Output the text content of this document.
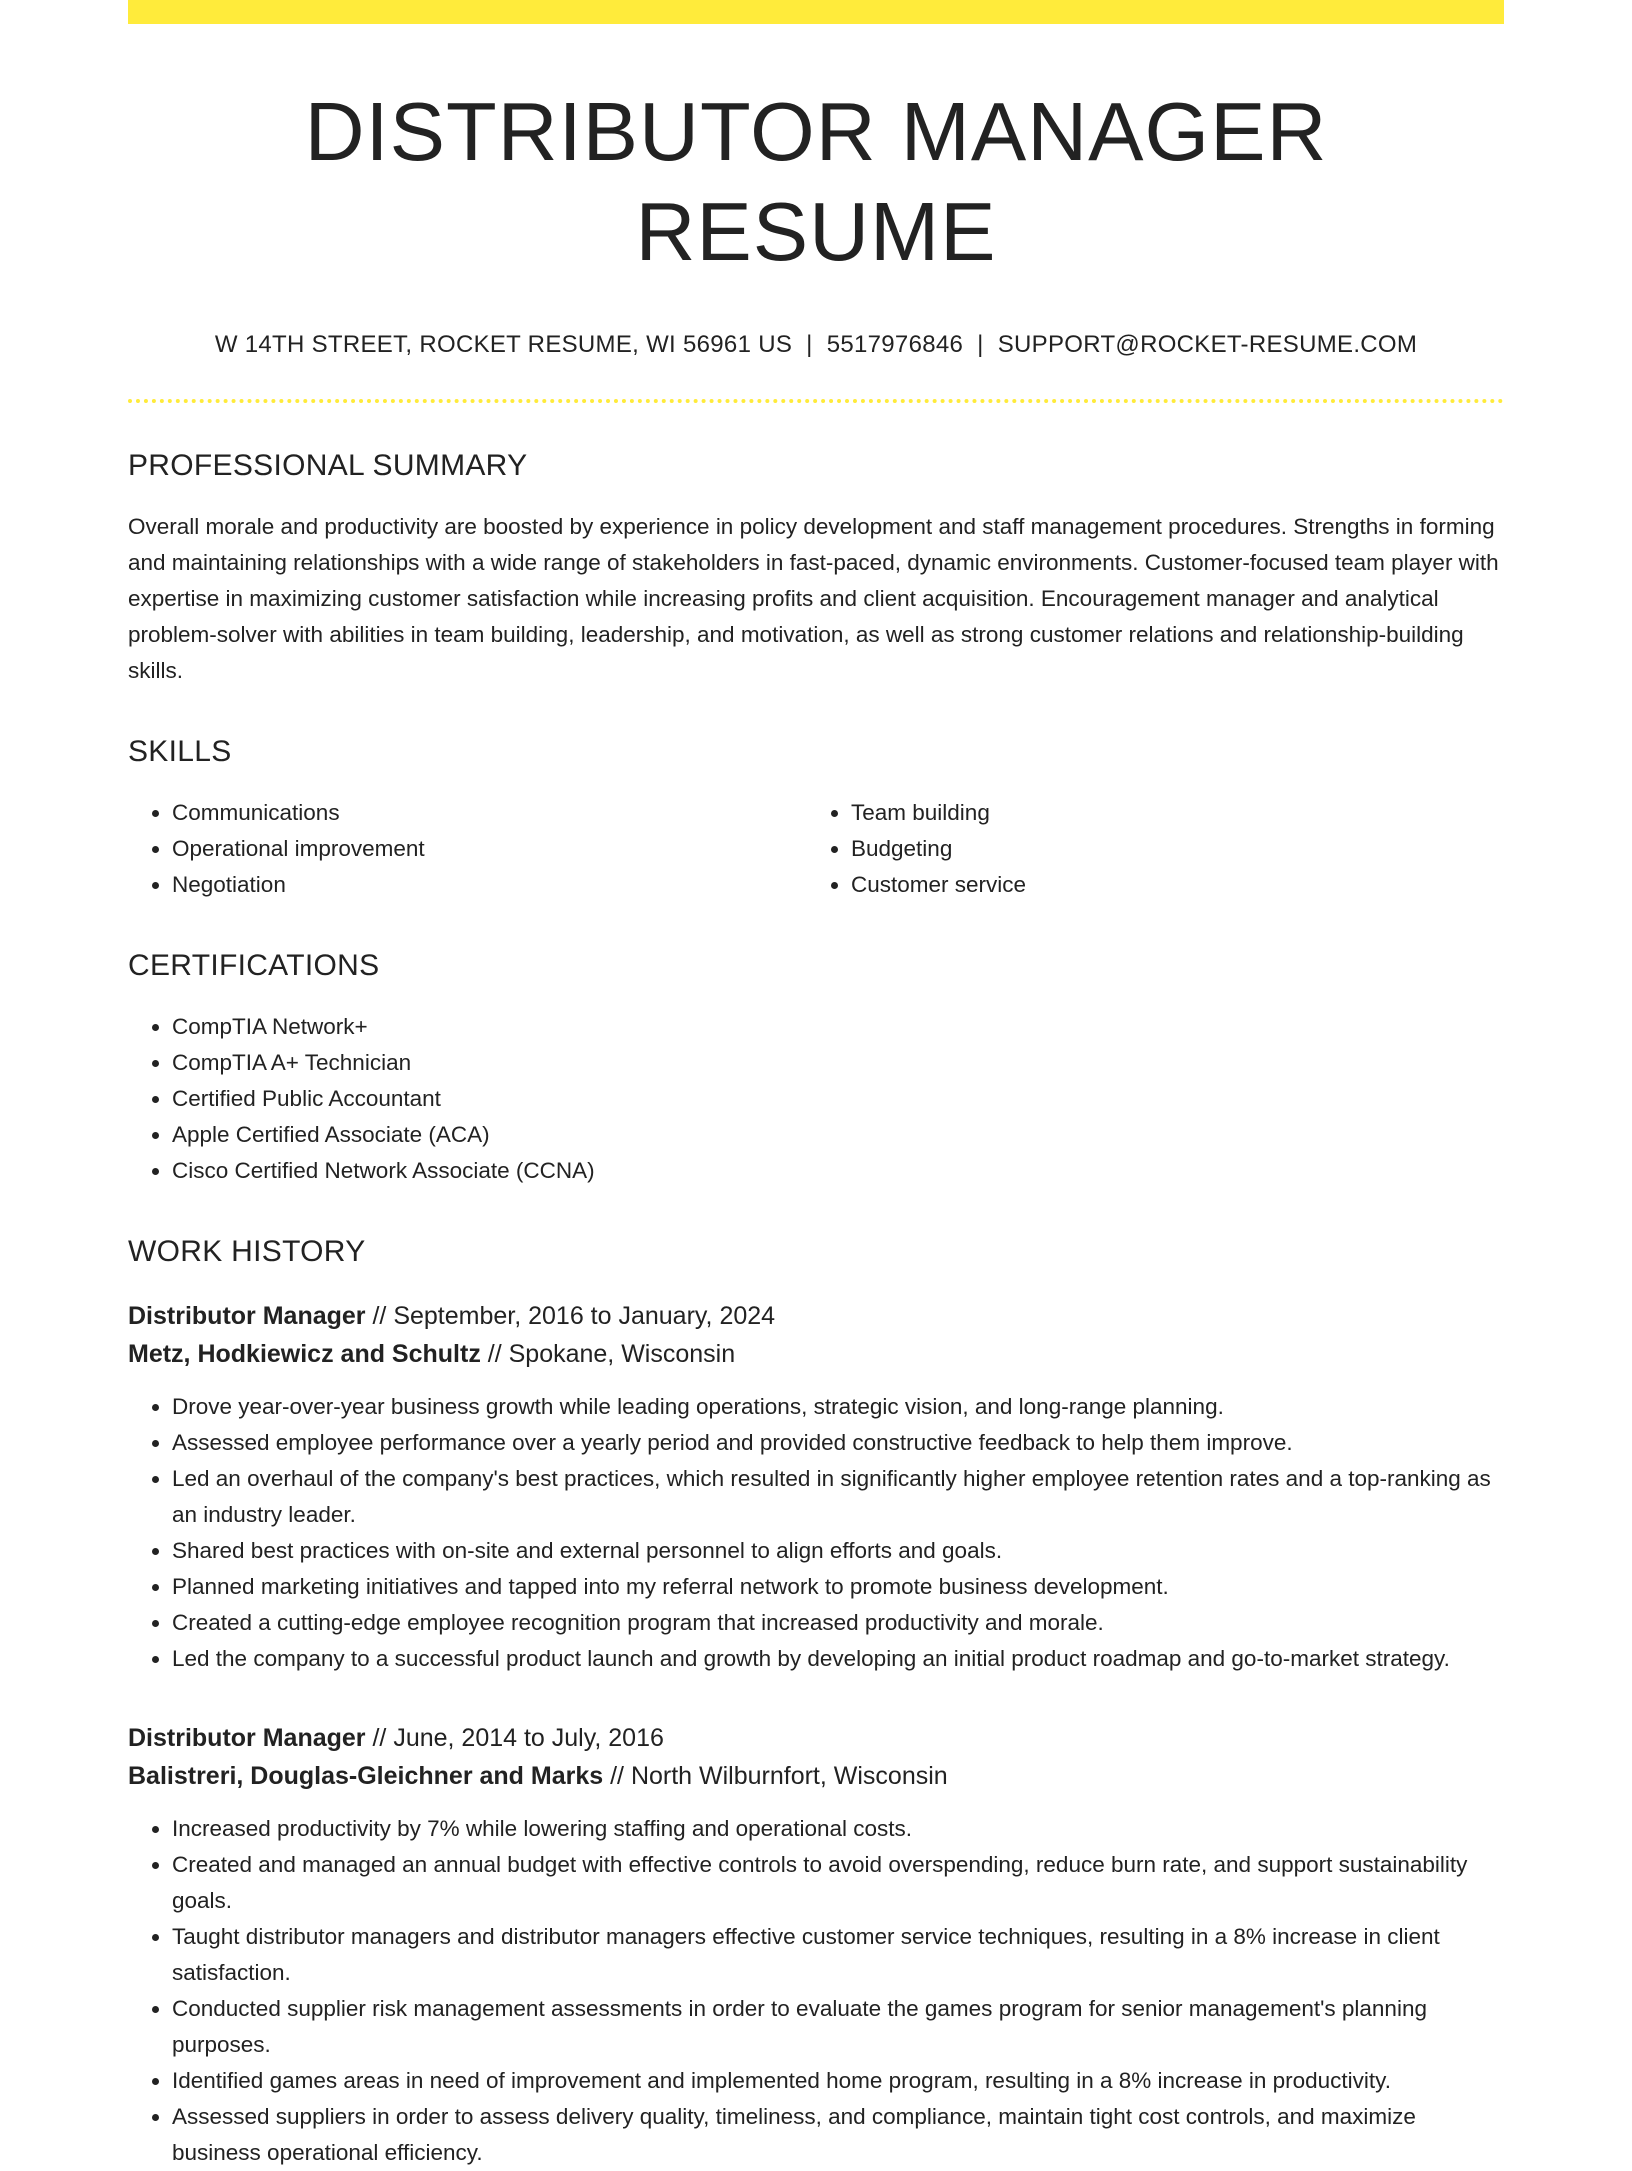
DISTRIBUTOR MANAGER RESUME
W 14TH STREET, ROCKET RESUME, WI 56961 US | 5517976846 | SUPPORT@ROCKET-RESUME.COM
PROFESSIONAL SUMMARY

Overall morale and productivity are boosted by experience in policy development and staff management procedures. Strengths in forming and maintaining relationships with a wide range of stakeholders in fast-paced, dynamic environments. Customer-focused team player with expertise in maximizing customer satisfaction while increasing profits and client acquisition. Encouragement manager and analytical problem-solver with abilities in team building, leadership, and motivation, as well as strong customer relations and relationship-building skills.

SKILLS
• Communications
• Operational improvement
• Negotiation
• Team building
• Budgeting
• Customer service
CERTIFICATIONS
• CompTIA Network+
• CompTIA A+ Technician
• Certified Public Accountant
• Apple Certified Associate (ACA)
• Cisco Certified Network Associate (CCNA)
WORK HISTORY
Distributor Manager // September, 2016 to January, 2024
Metz, Hodkiewicz and Schultz // Spokane, Wisconsin
• Drove year-over-year business growth while leading operations, strategic vision, and long-range planning.
• Assessed employee performance over a yearly period and provided constructive feedback to help them improve.
• Led an overhaul of the company's best practices, which resulted in significantly higher employee retention rates and a top-ranking as an industry leader.
• Shared best practices with on-site and external personnel to align efforts and goals.
• Planned marketing initiatives and tapped into my referral network to promote business development.
• Created a cutting-edge employee recognition program that increased productivity and morale.
• Led the company to a successful product launch and growth by developing an initial product roadmap and go-to-market strategy.
Distributor Manager // June, 2014 to July, 2016
Balistreri, Douglas-Gleichner and Marks // North Wilburnfort, Wisconsin
• Increased productivity by 7% while lowering staffing and operational costs.
• Created and managed an annual budget with effective controls to avoid overspending, reduce burn rate, and support sustainability goals.
• Taught distributor managers and distributor managers effective customer service techniques, resulting in a 8% increase in client satisfaction.
• Conducted supplier risk management assessments in order to evaluate the games program for senior management's planning purposes.
• Identified games areas in need of improvement and implemented home program, resulting in a 8% increase in productivity.
• Assessed suppliers in order to assess delivery quality, timeliness, and compliance, maintain tight cost controls, and maximize business operational efficiency.
